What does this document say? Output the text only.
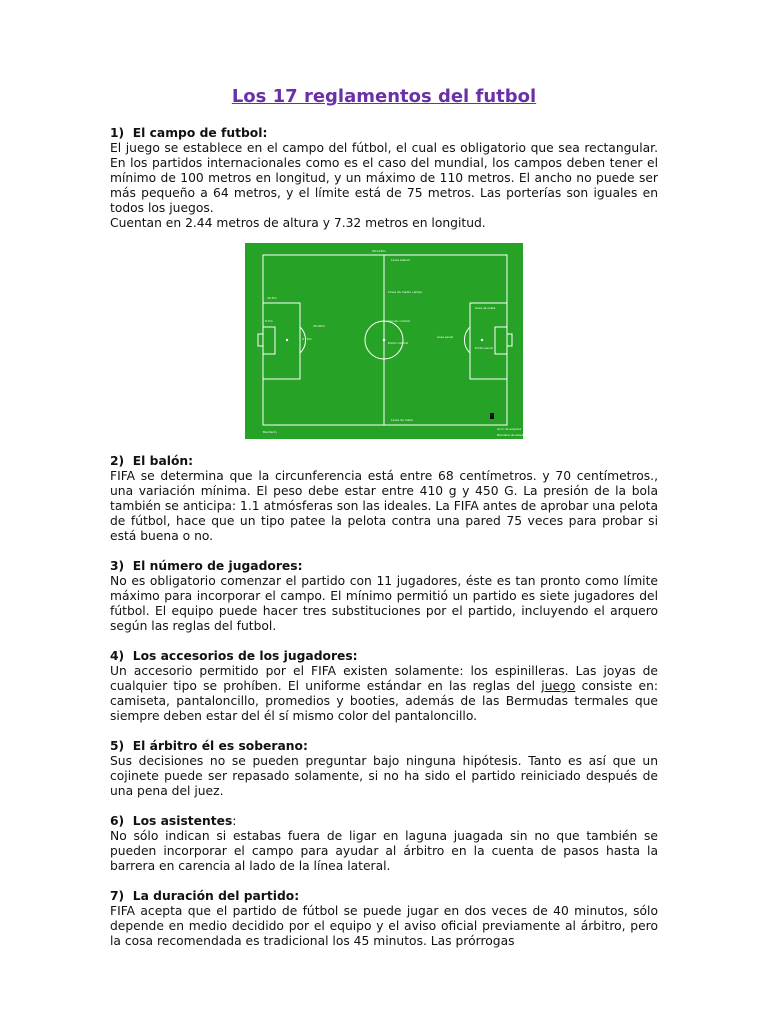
Los 17 reglamentos del futbol
1) El campo de futbol:

El juego se establece en el campo del fútbol, el cual es obligatorio que sea rectangular. En los partidos internacionales como es el caso del mundial, los campos deben tener el mínimo de 100 metros en longitud, y un máximo de 110 metros. El ancho no puede ser más pequeño a 64 metros, y el límite está de 75 metros. Las porterías son iguales en todos los juegos.

Cuentan en 2.44 metros de altura y 7.32 metros en longitud.

90-120m
Línea lateral
Línea de medio campo
Círculo central
Punto central
Área de meta
Área penal
Punto penal
5.5m
16.5m
45-90m
9.15m
Línea de meta
Arco de esquina
Banderín
Bandera de esquina
2) El balón:

FIFA se determina que la circunferencia está entre 68 centímetros. y 70 centímetros., una variación mínima. El peso debe estar entre 410 g y 450 G. La presión de la bola también se anticipa: 1.1 atmósferas son las ideales. La FIFA antes de aprobar una pelota de fútbol, hace que un tipo patee la pelota contra una pared 75 veces para probar si está buena o no.

3) El número de jugadores:

No es obligatorio comenzar el partido con 11 jugadores, éste es tan pronto como límite máximo para incorporar el campo. El mínimo permitió un partido es siete jugadores del fútbol. El equipo puede hacer tres substituciones por el partido, incluyendo el arquero según las reglas del futbol.

4) Los accesorios de los jugadores:

Un accesorio permitido por el FIFA existen solamente: los espinilleras. Las joyas de cualquier tipo se prohíben. El uniforme estándar en las reglas del juego consiste en: camiseta, pantaloncillo, promedios y booties, además de las Bermudas termales que siempre deben estar del él sí mismo color del pantaloncillo.

5) El árbitro él es soberano:

Sus decisiones no se pueden preguntar bajo ninguna hipótesis. Tanto es así que un cojinete puede ser repasado solamente, si no ha sido el partido reiniciado después de una pena del juez.

6) Los asistentes:

No sólo indican si estabas fuera de ligar en laguna juagada sin no que también se pueden incorporar el campo para ayudar al árbitro en la cuenta de pasos hasta la barrera en carencia al lado de la línea lateral.

7) La duración del partido:

FIFA acepta que el partido de fútbol se puede jugar en dos veces de 40 minutos, sólo depende en medio decidido por el equipo y el aviso oficial previamente al árbitro, pero la cosa recomendada es tradicional los 45 minutos. Las prórrogas
